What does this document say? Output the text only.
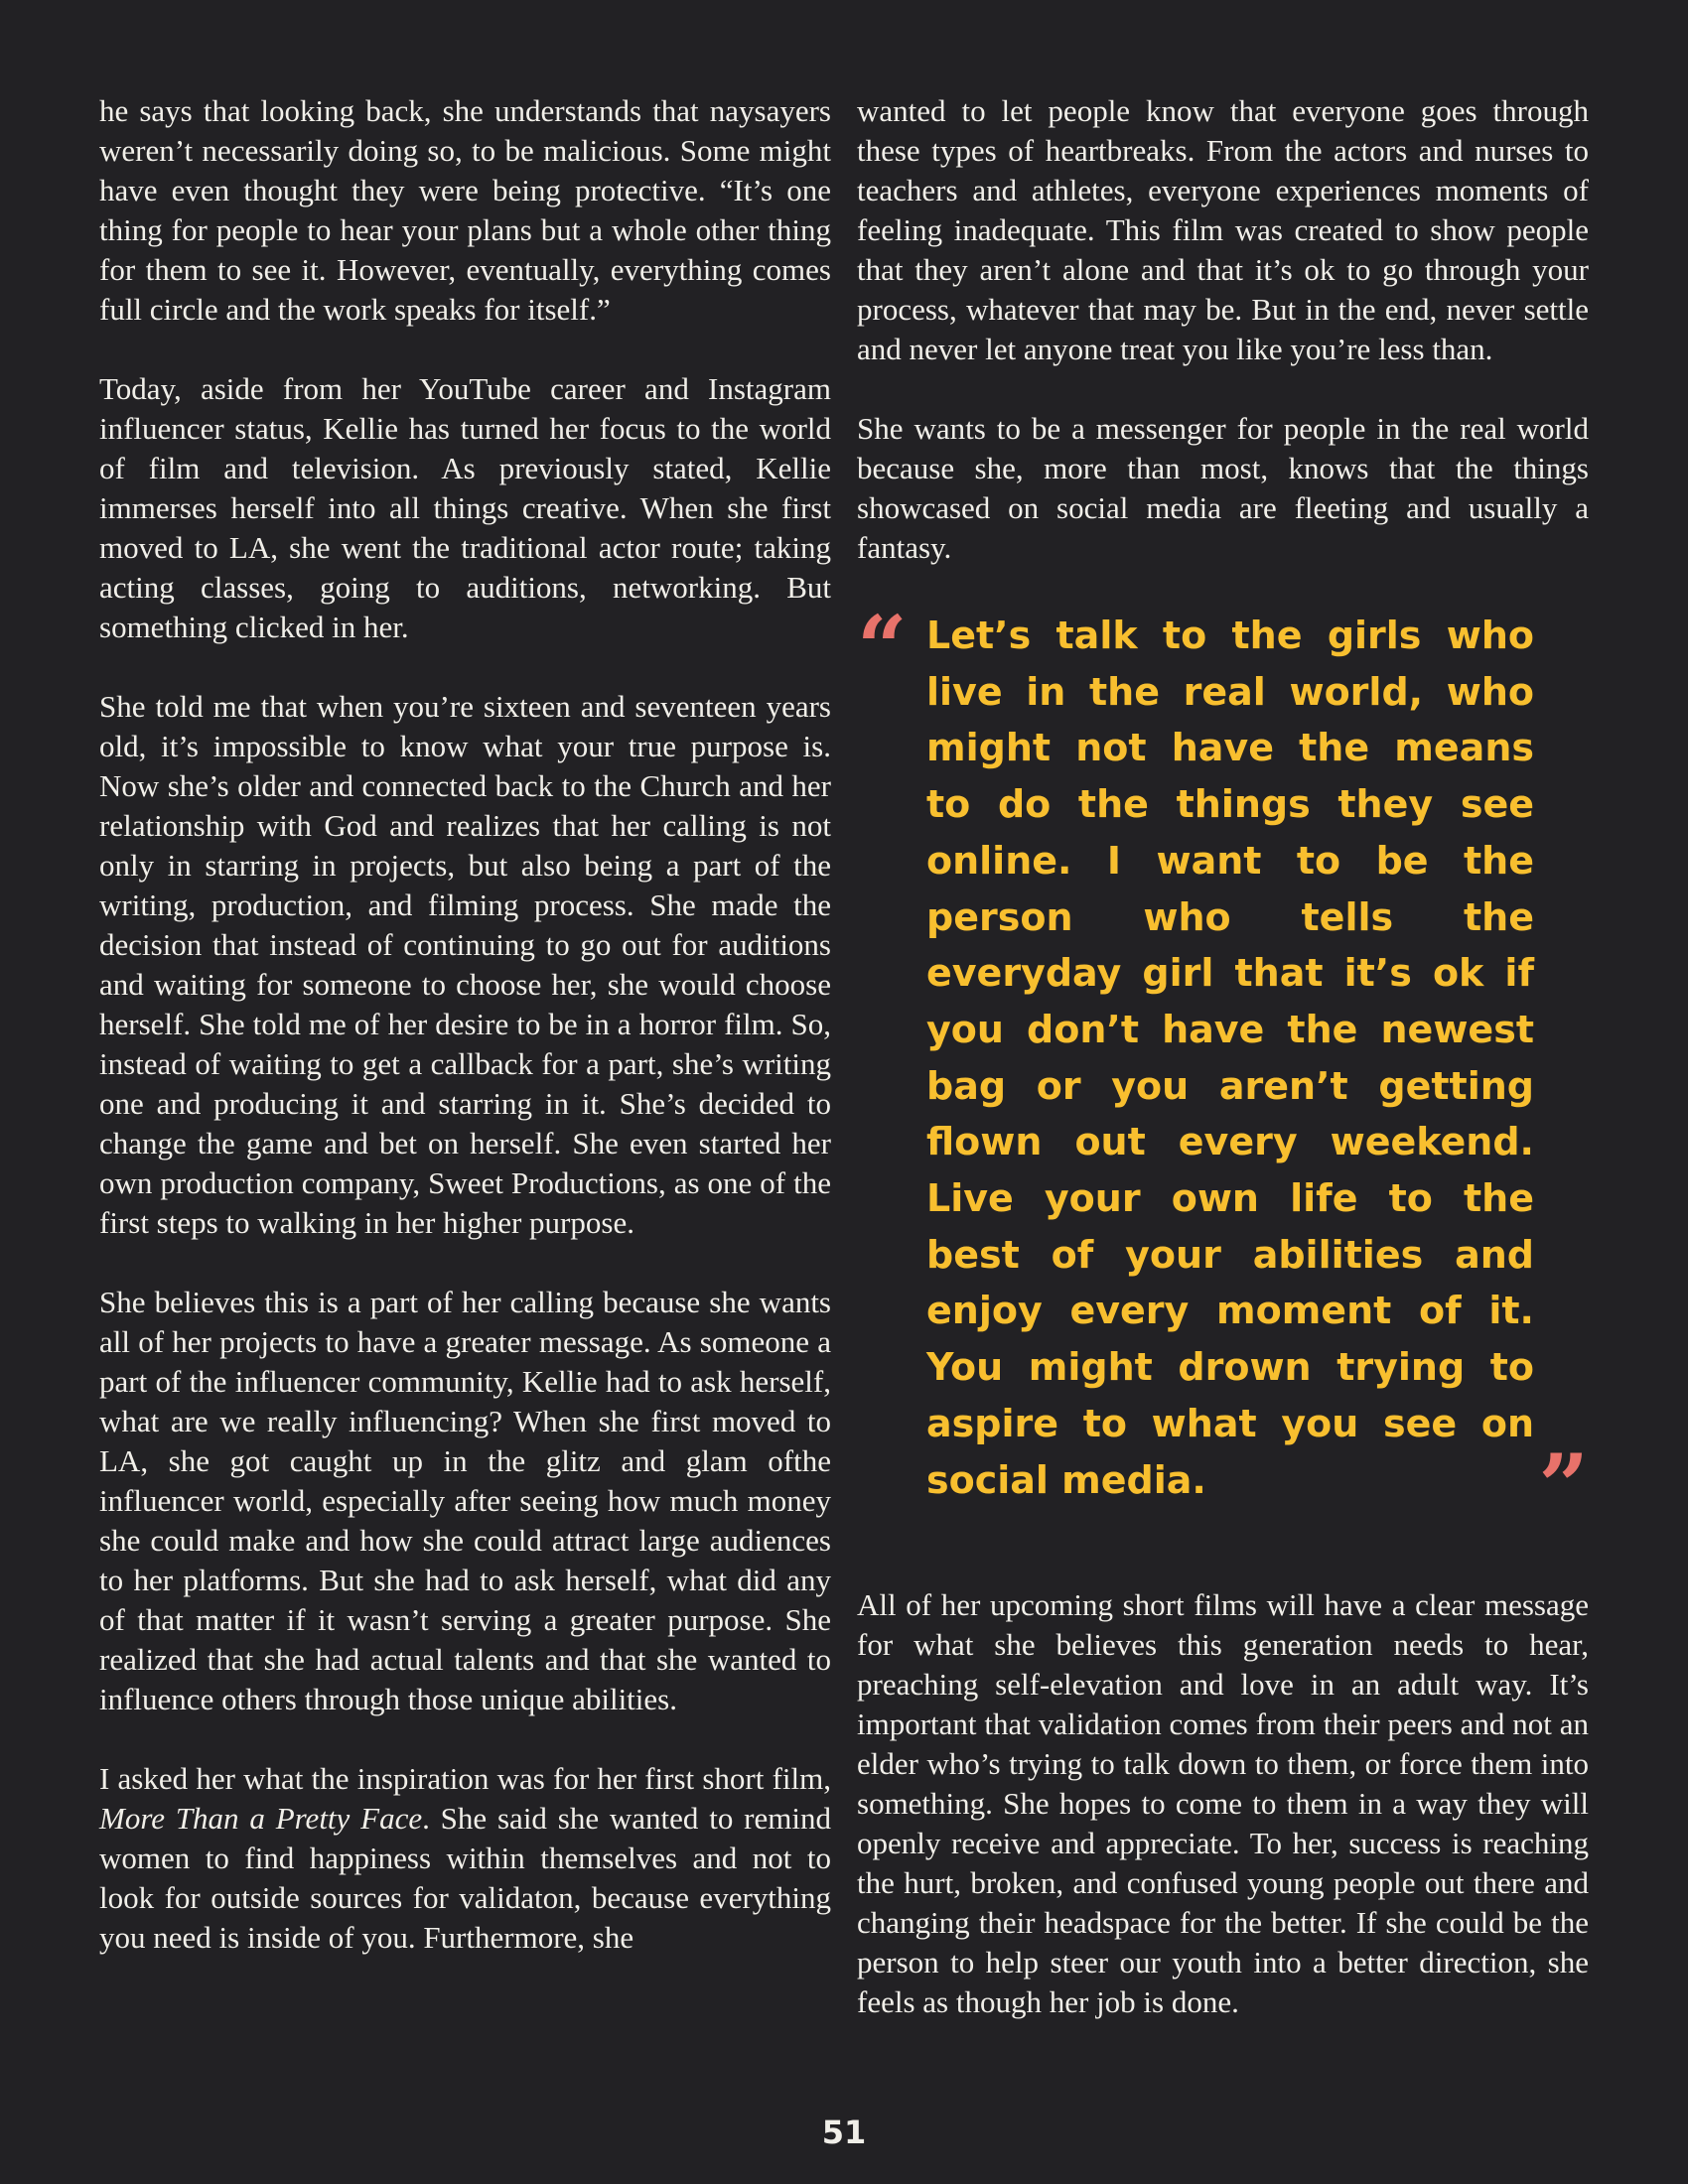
he says that looking back, she understands that naysayers weren’t necessarily doing so, to be malicious. Some might have even thought they were being protective. “It’s one thing for people to hear your plans but a whole other thing for them to see it. However, eventually, everything comes full circle and the work speaks for itself.”

Today, aside from her YouTube career and Instagram influencer status, Kellie has turned her focus to the world of film and television. As previously stated, Kellie immerses herself into all things creative. When she first moved to LA, she went the traditional actor route; taking acting classes, going to auditions, networking. But something clicked in her.

She told me that when you’re sixteen and seventeen years old, it’s impossible to know what your true purpose is. Now she’s older and connected back to the Church and her relationship with God and realizes that her calling is not only in starring in projects, but also being a part of the writing, production, and filming process. She made the decision that instead of continuing to go out for auditions and waiting for someone to choose her, she would choose herself. She told me of her desire to be in a horror film. So, instead of waiting to get a callback for a part, she’s writing one and producing it and starring in it. She’s decided to change the game and bet on herself. She even started her own production company, Sweet Productions, as one of the first steps to walking in her higher purpose.

She believes this is a part of her calling because she wants all of her projects to have a greater message. As someone a part of the influencer community, Kellie had to ask herself, what are we really influencing? When she first moved to LA, she got caught up in the glitz and glam ofthe influencer world, especially after seeing how much money she could make and how she could attract large audiences to her platforms. But she had to ask herself, what did any of that matter if it wasn’t serving a greater purpose. She realized that she had actual talents and that she wanted to influence others through those unique abilities.

I asked her what the inspiration was for her first short film, More Than a Pretty Face. She said she wanted to remind women to find happiness within themselves and not to look for outside sources for validaton, because everything you need is inside of you. Furthermore, she

wanted to let people know that everyone goes through these types of heartbreaks. From the actors and nurses to teachers and athletes, everyone experiences moments of feeling inadequate. This film was created to show people that they aren’t alone and that it’s ok to go through your process, whatever that may be. But in the end, never settle and never let anyone treat you like you’re less than.

She wants to be a messenger for people in the real world because she, more than most, knows that the things showcased on social media are fleeting and usually a fantasy.

“ Let’s talk to the girls who live in the real world, who might not have the means to do the things they see online. I want to be the person who tells the everyday girl that it’s ok if you don’t have the newest bag or you aren’t getting flown out every weekend. Live your own life to the best of your abilities and enjoy every moment of it. You might drown trying to aspire to what you see on social media.	”

All of her upcoming short films will have a clear message for what she believes this generation needs to hear, preaching self-elevation and love in an adult way. It’s important that validation comes from their peers and not an elder who’s trying to talk down to them, or force them into something. She hopes to come to them in a way they will openly receive and appreciate. To her, success is reaching the hurt, broken, and confused young people out there and changing their headspace for the better. If she could be the person to help steer our youth into a better direction, she feels as though her job is done.

51
